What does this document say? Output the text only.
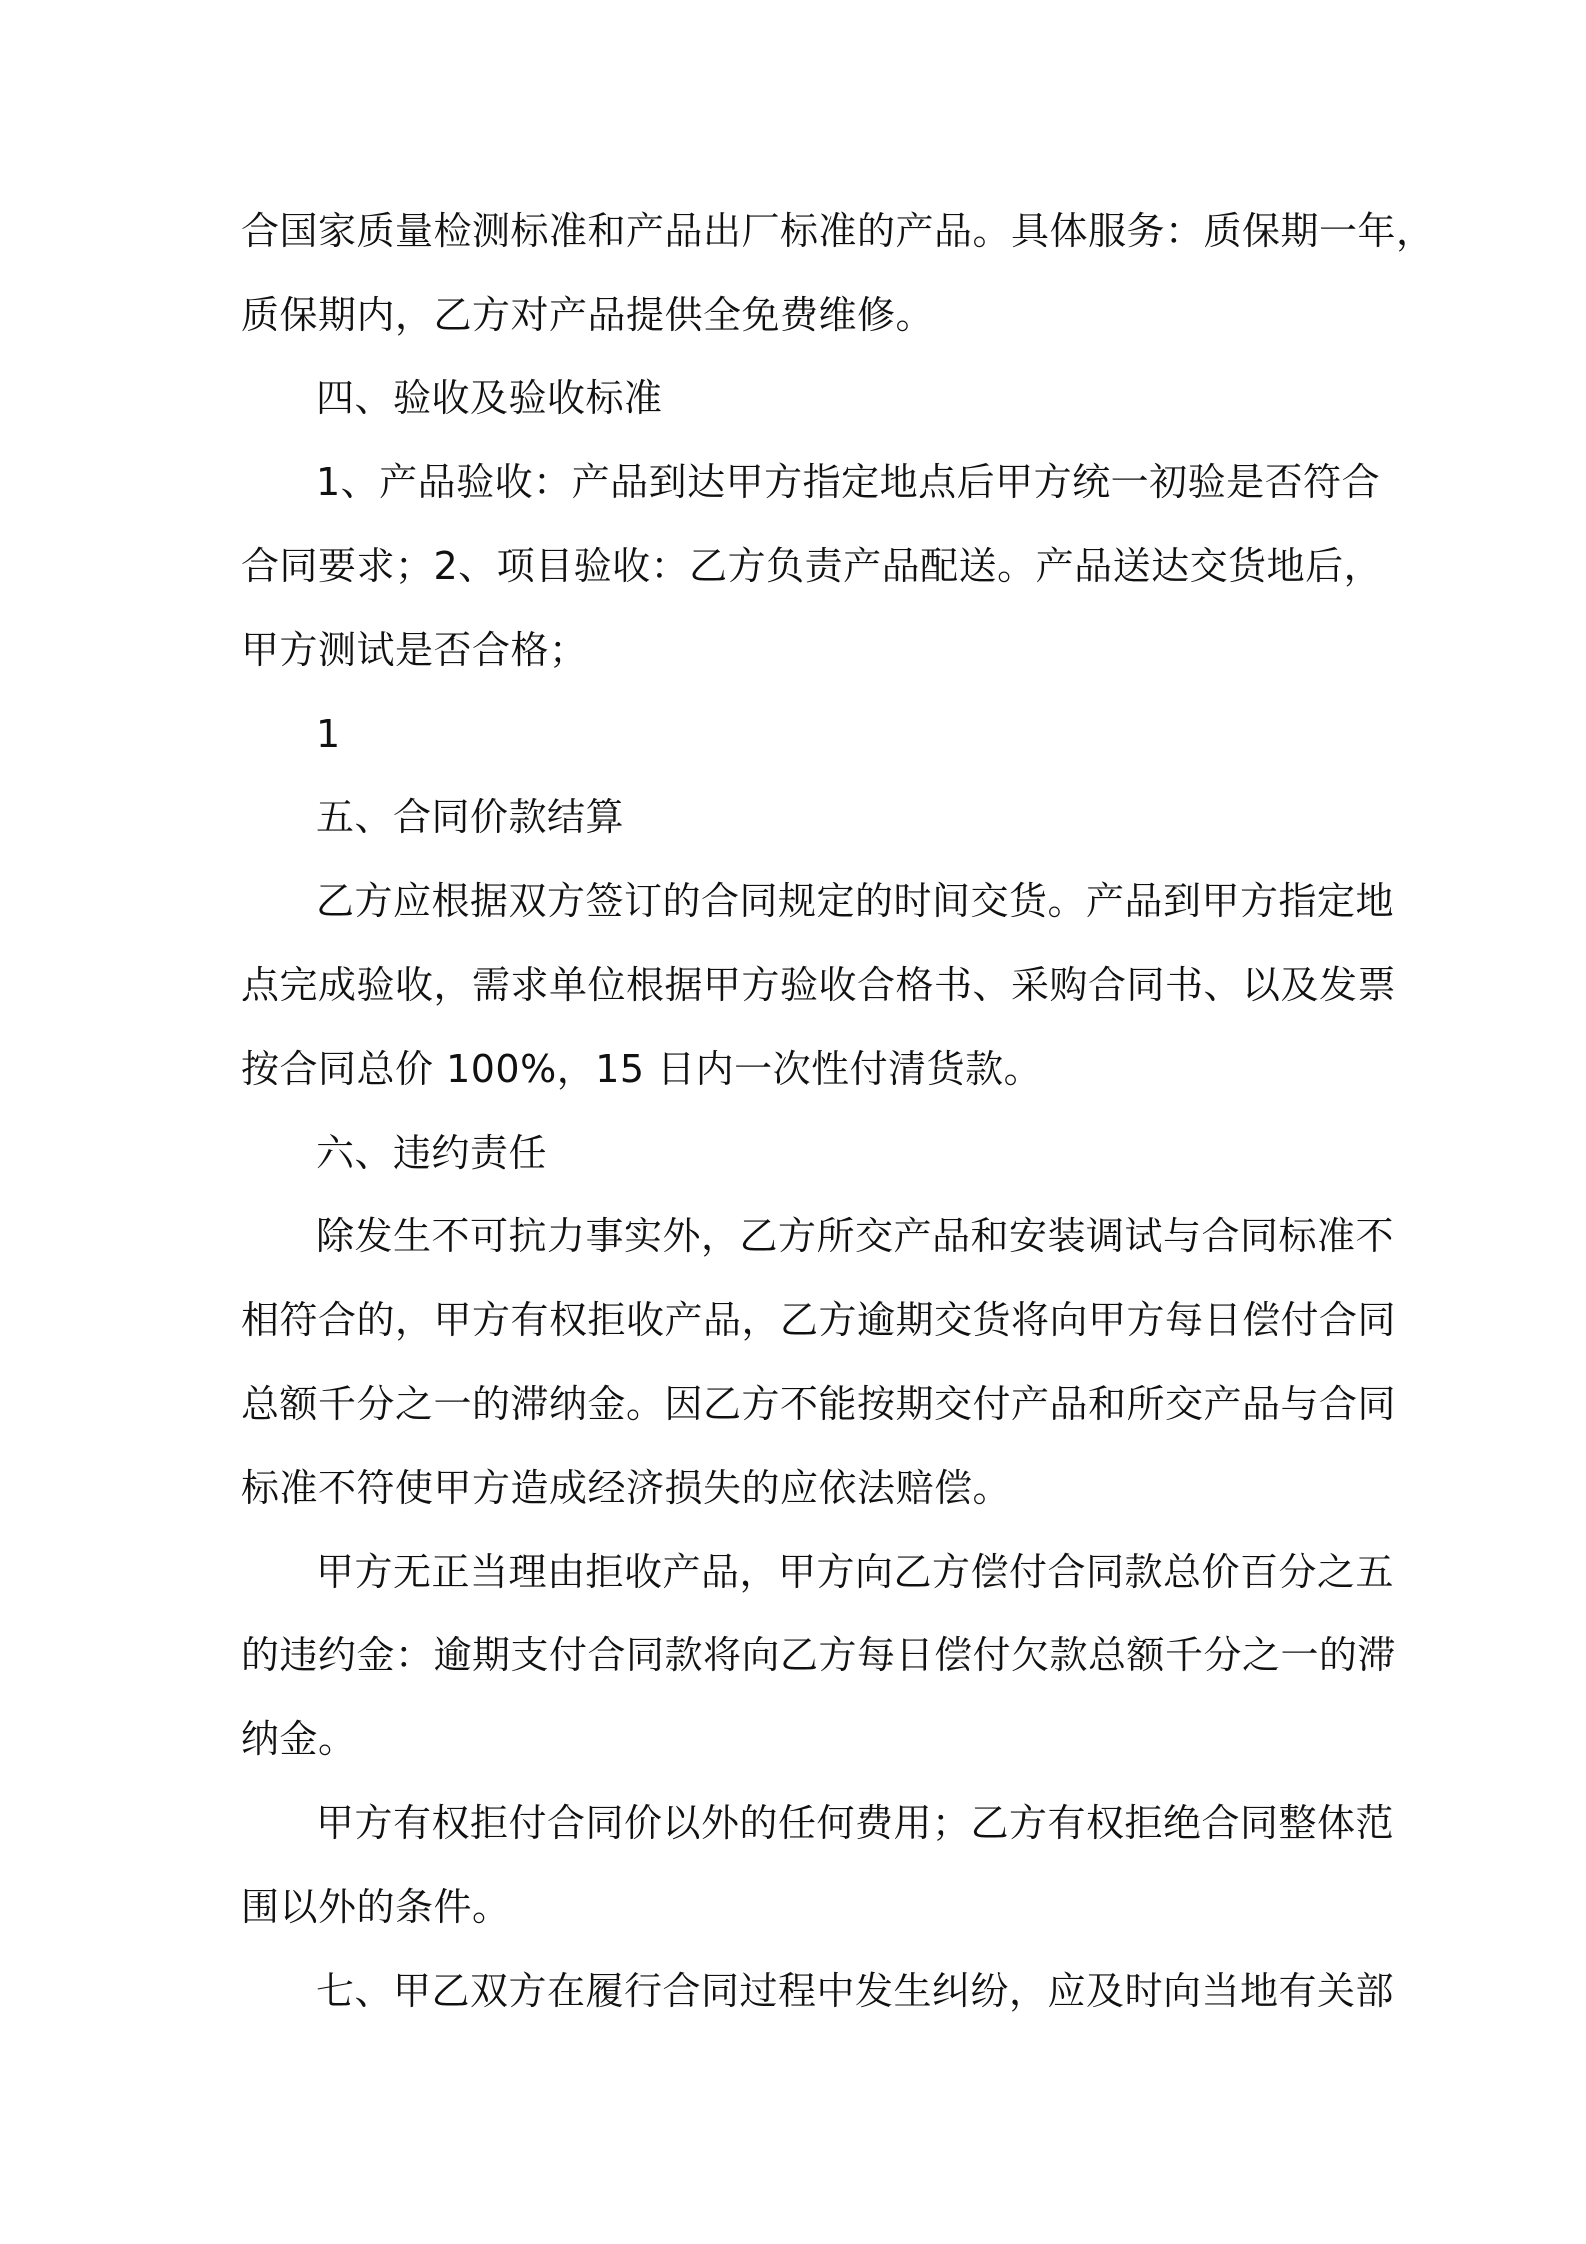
合国家质量检测标准和产品出厂标准的产品。具体服务：质保期一年，
质保期内，乙方对产品提供全免费维修。
四、验收及验收标准
1、产品验收：产品到达甲方指定地点后甲方统一初验是否符合
合同要求；2、项目验收：乙方负责产品配送。产品送达交货地后，
甲方测试是否合格；
1
五、合同价款结算
乙方应根据双方签订的合同规定的时间交货。产品到甲方指定地
点完成验收，需求单位根据甲方验收合格书、采购合同书、以及发票
按合同总价 100%，15 日内一次性付清货款。
六、违约责任
除发生不可抗力事实外，乙方所交产品和安装调试与合同标准不
相符合的，甲方有权拒收产品，乙方逾期交货将向甲方每日偿付合同
总额千分之一的滞纳金。因乙方不能按期交付产品和所交产品与合同
标准不符使甲方造成经济损失的应依法赔偿。
甲方无正当理由拒收产品，甲方向乙方偿付合同款总价百分之五
的违约金：逾期支付合同款将向乙方每日偿付欠款总额千分之一的滞
纳金。
甲方有权拒付合同价以外的任何费用；乙方有权拒绝合同整体范
围以外的条件。
七、甲乙双方在履行合同过程中发生纠纷，应及时向当地有关部
